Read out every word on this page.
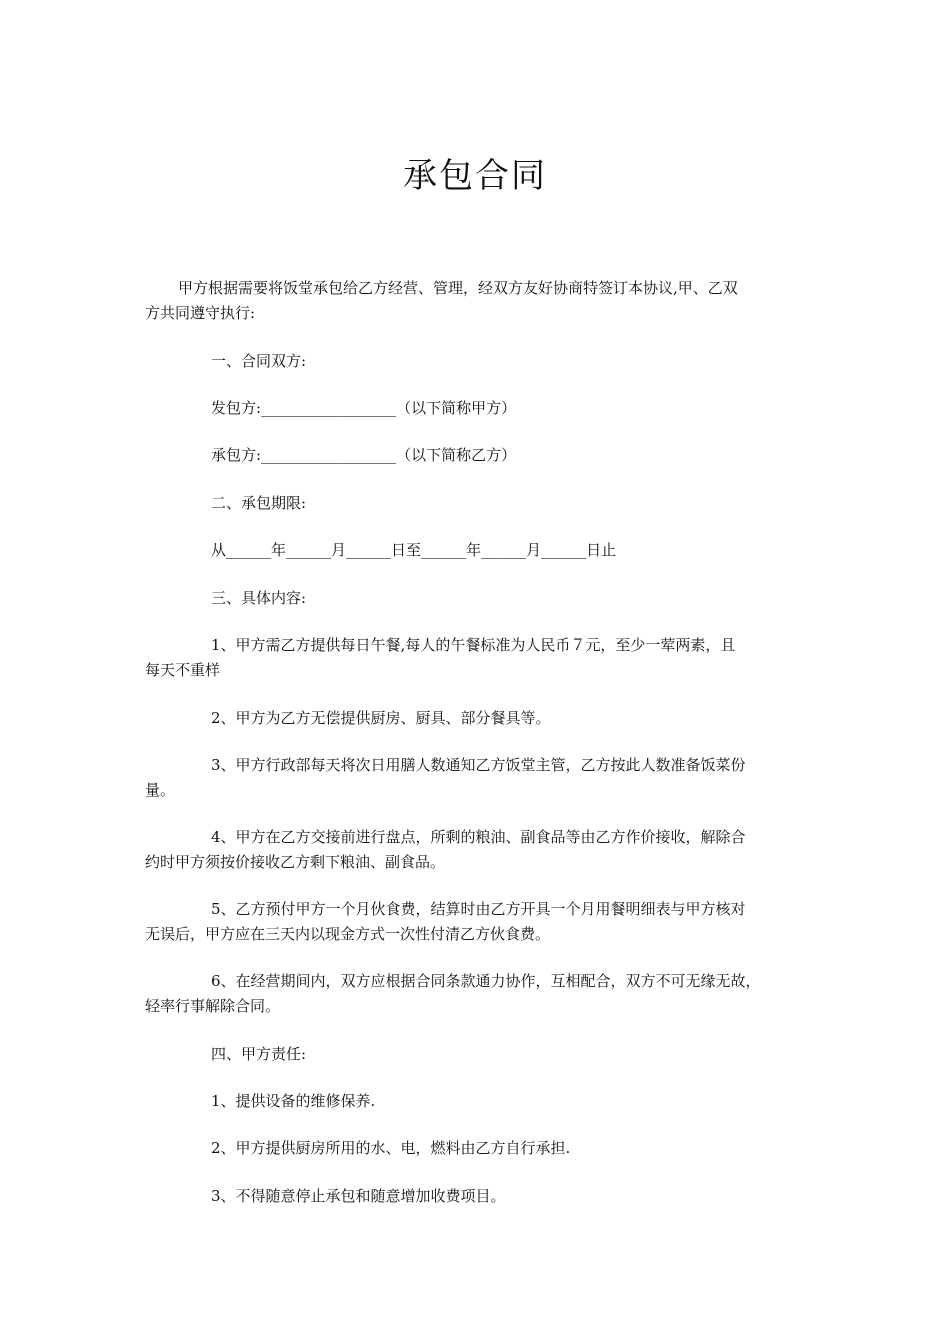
承包合同
甲方根据需要将饭堂承包给乙方经营、管理，经双方友好协商特签订本协议,甲、乙双
方共同遵守执行:
一、合同双方:
发包方:__________________（以下简称甲方）
承包方:__________________（以下简称乙方）
二、承包期限:
从______年______月______日至______年______月______日止
三、具体内容:
1、甲方需乙方提供每日午餐,每人的午餐标准为人民币７元，至少一荤两素，且
每天不重样
2、甲方为乙方无偿提供厨房、厨具、部分餐具等。
3、甲方行政部每天将次日用膳人数通知乙方饭堂主管，乙方按此人数准备饭菜份
量。
4、甲方在乙方交接前进行盘点，所剩的粮油、副食品等由乙方作价接收，解除合
约时甲方须按价接收乙方剩下粮油、副食品。
5、乙方预付甲方一个月伙食费，结算时由乙方开具一个月用餐明细表与甲方核对
无误后，甲方应在三天内以现金方式一次性付清乙方伙食费。
6、在经营期间内，双方应根据合同条款通力协作，互相配合，双方不可无缘无故，
轻率行事解除合同。
四、甲方责任:
1、提供设备的维修保养.
2、甲方提供厨房所用的水、电，燃料由乙方自行承担.
3、不得随意停止承包和随意增加收费项目。
